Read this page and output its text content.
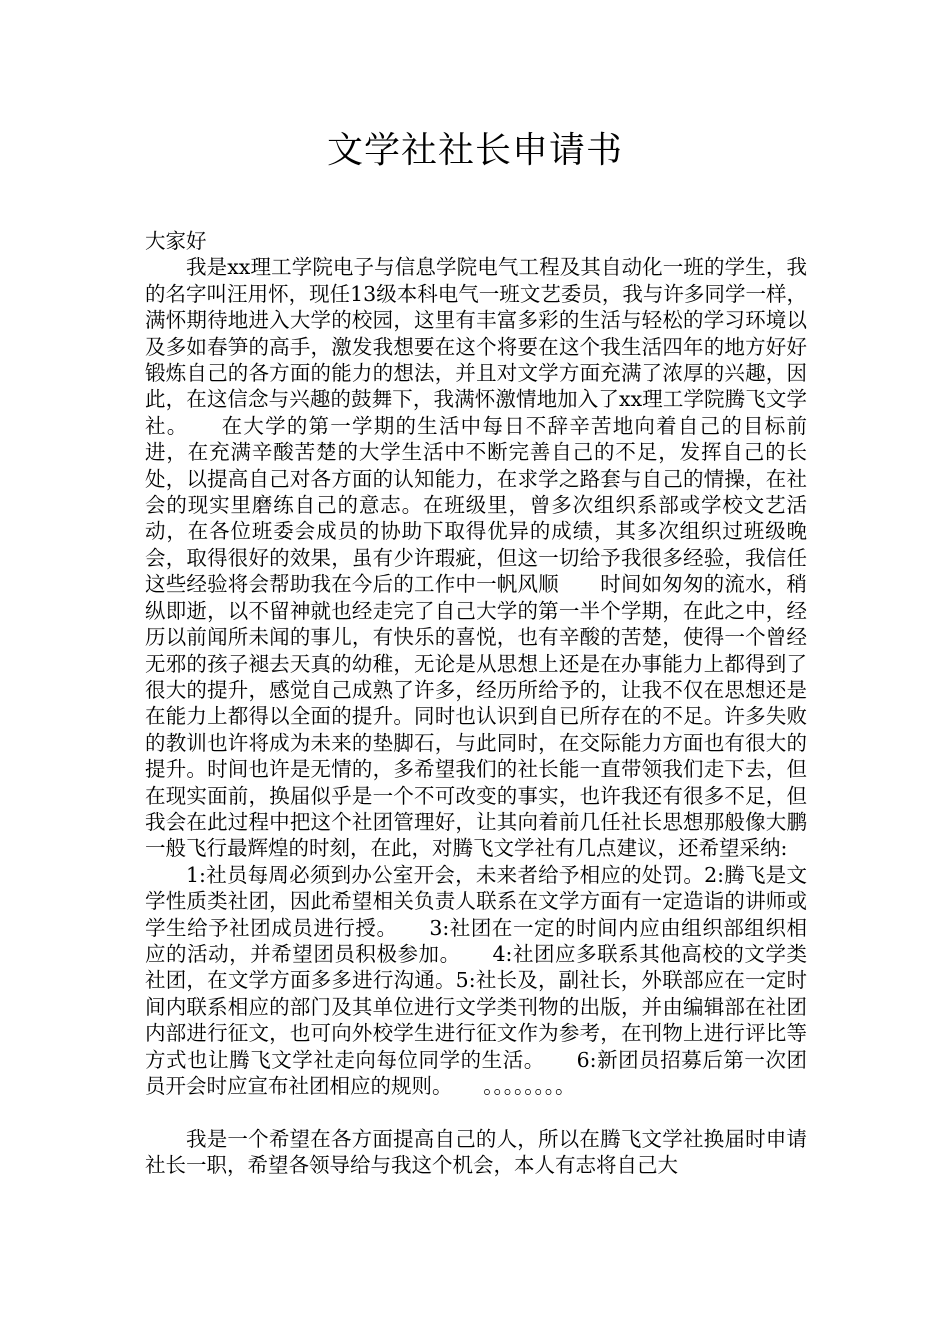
文学社社长申请书

大家好

我是xx理工学院电子与信息学院电气工程及其自动化一班的学生，我的名字叫汪用怀，现任13级本科电气一班文艺委员，我与许多同学一样，满怀期待地进入大学的校园，这里有丰富多彩的生活与轻松的学习环境以及多如春笋的高手，激发我想要在这个将要在这个我生活四年的地方好好锻炼自己的各方面的能力的想法，并且对文学方面充满了浓厚的兴趣，因此，在这信念与兴趣的鼓舞下，我满怀激情地加入了xx理工学院腾飞文学社。　　在大学的第一学期的生活中每日不辞辛苦地向着自己的目标前进，在充满辛酸苦楚的大学生活中不断完善自己的不足，发挥自己的长处，以提高自己对各方面的认知能力，在求学之路套与自己的情操，在社会的现实里磨练自己的意志。在班级里，曾多次组织系部或学校文艺活动，在各位班委会成员的协助下取得优异的成绩，其多次组织过班级晚会，取得很好的效果，虽有少许瑕疵，但这一切给予我很多经验，我信任这些经验将会帮助我在今后的工作中一帆风顺　　时间如匆匆的流水，稍纵即逝，以不留神就也经走完了自己大学的第一半个学期，在此之中，经历以前闻所未闻的事儿，有快乐的喜悦，也有辛酸的苦楚，使得一个曾经无邪的孩子褪去天真的幼稚，无论是从思想上还是在办事能力上都得到了很大的提升，感觉自己成熟了许多，经历所给予的，让我不仅在思想还是在能力上都得以全面的提升。同时也认识到自已所存在的不足。许多失败的教训也许将成为未来的垫脚石，与此同时，在交际能力方面也有很大的提升。时间也许是无情的，多希望我们的社长能一直带领我们走下去，但在现实面前，换届似乎是一个不可改变的事实，也许我还有很多不足，但我会在此过程中把这个社团管理好，让其向着前几任社长思想那般像大鹏一般飞行最辉煌的时刻，在此，对腾飞文学社有几点建议，还希望采纳:

1:社员每周必须到办公室开会，未来者给予相应的处罚。2:腾飞是文学性质类社团，因此希望相关负责人联系在文学方面有一定造诣的讲师或学生给予社团成员进行授。　　3:社团在一定的时间内应由组织部组织相应的活动，并希望团员积极参加。　　4:社团应多联系其他高校的文学类社团，在文学方面多多进行沟通。5:社长及，副社长，外联部应在一定时间内联系相应的部门及其单位进行文学类刊物的出版，并由编辑部在社团内部进行征文，也可向外校学生进行征文作为参考，在刊物上进行评比等方式也让腾飞文学社走向每位同学的生活。　　6:新团员招募后第一次团员开会时应宣布社团相应的规则。　　。。。。。。。。

我是一个希望在各方面提高自己的人，所以在腾飞文学社换届时申请社长一职，希望各领导给与我这个机会，本人有志将自己大
